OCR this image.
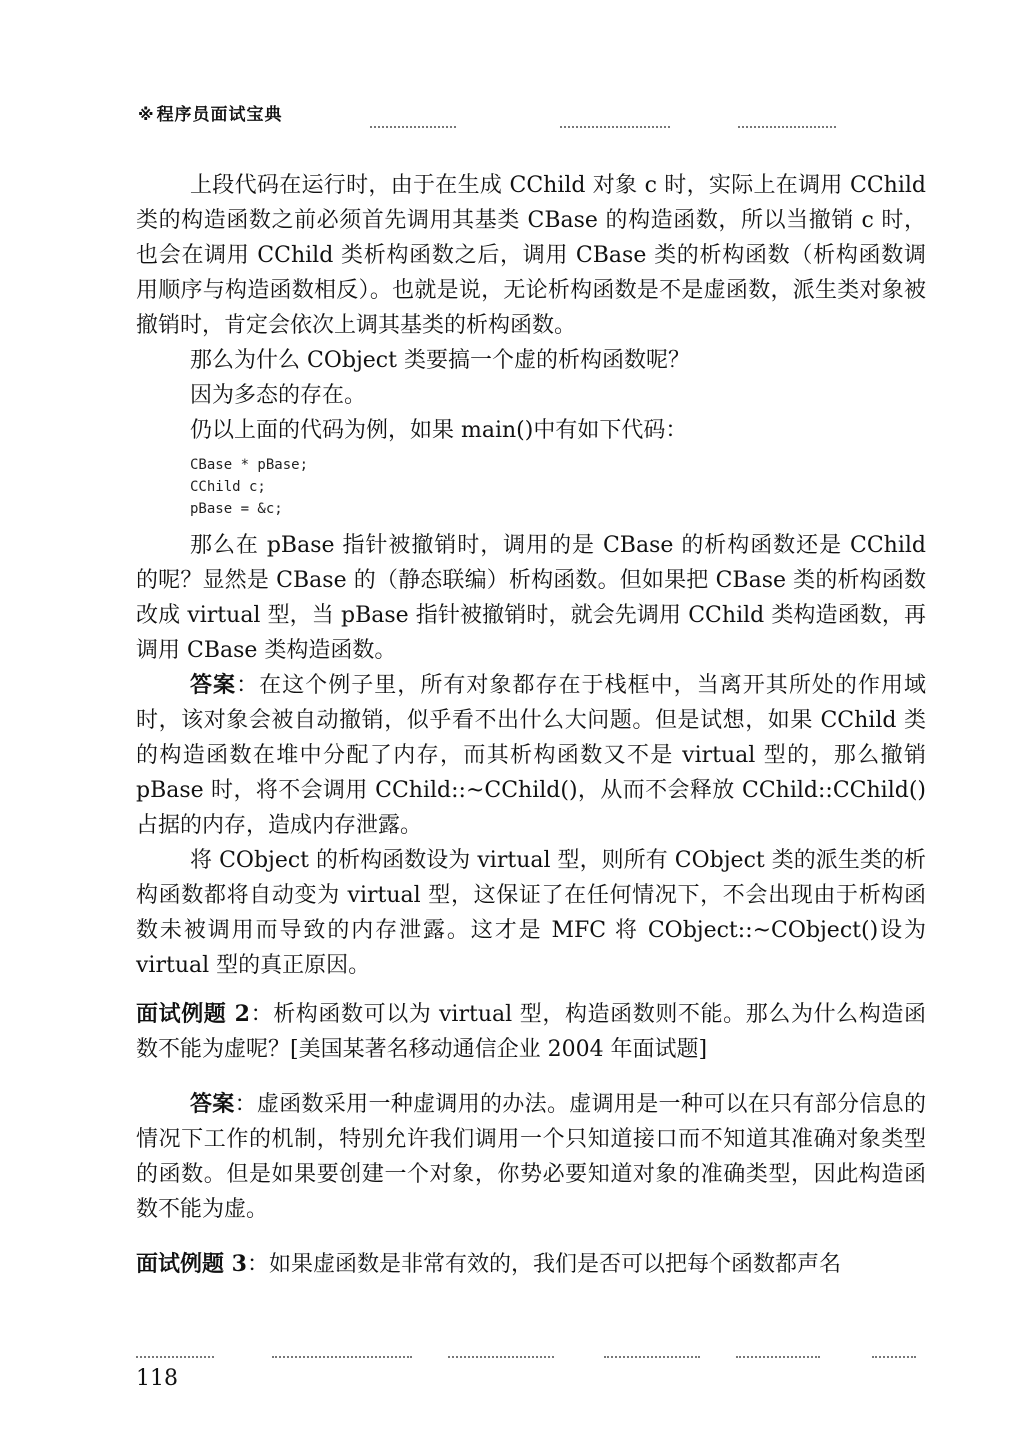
※ 程序员面试宝典

上段代码在运行时，由于在生成 CChild 对象 c 时，实际上在调用 CChild 类的构造函数之前必须首先调用其基类 CBase 的构造函数，所以当撤销 c 时，也会在调用 CChild 类析构函数之后，调用 CBase 类的析构函数（析构函数调用顺序与构造函数相反）。也就是说，无论析构函数是不是虚函数，派生类对象被撤销时，肯定会依次上调其基类的析构函数。

那么为什么 CObject 类要搞一个虚的析构函数呢？

因为多态的存在。

仍以上面的代码为例，如果 main()中有如下代码：

CBase * pBase;
CChild c;
pBase = &c;

那么在 pBase 指针被撤销时，调用的是 CBase 的析构函数还是 CChild 的呢？显然是 CBase 的（静态联编）析构函数。但如果把 CBase 类的析构函数改成 virtual 型，当 pBase 指针被撤销时，就会先调用 CChild 类构造函数，再调用 CBase 类构造函数。

答案：在这个例子里，所有对象都存在于栈框中，当离开其所处的作用域时，该对象会被自动撤销，似乎看不出什么大问题。但是试想，如果 CChild 类的构造函数在堆中分配了内存，而其析构函数又不是 virtual 型的，那么撤销 pBase 时，将不会调用 CChild::~CChild()，从而不会释放 CChild::CChild()占据的内存，造成内存泄露。

将 CObject 的析构函数设为 virtual 型，则所有 CObject 类的派生类的析构函数都将自动变为 virtual 型，这保证了在任何情况下，不会出现由于析构函数未被调用而导致的内存泄露。这才是 MFC 将 CObject::~CObject()设为 virtual 型的真正原因。

面试例题 2：析构函数可以为 virtual 型，构造函数则不能。那么为什么构造函数不能为虚呢？[美国某著名移动通信企业 2004 年面试题]

答案：虚函数采用一种虚调用的办法。虚调用是一种可以在只有部分信息的情况下工作的机制，特别允许我们调用一个只知道接口而不知道其准确对象类型的函数。但是如果要创建一个对象，你势必要知道对象的准确类型，因此构造函数不能为虚。

面试例题 3：如果虚函数是非常有效的，我们是否可以把每个函数都声名

118
